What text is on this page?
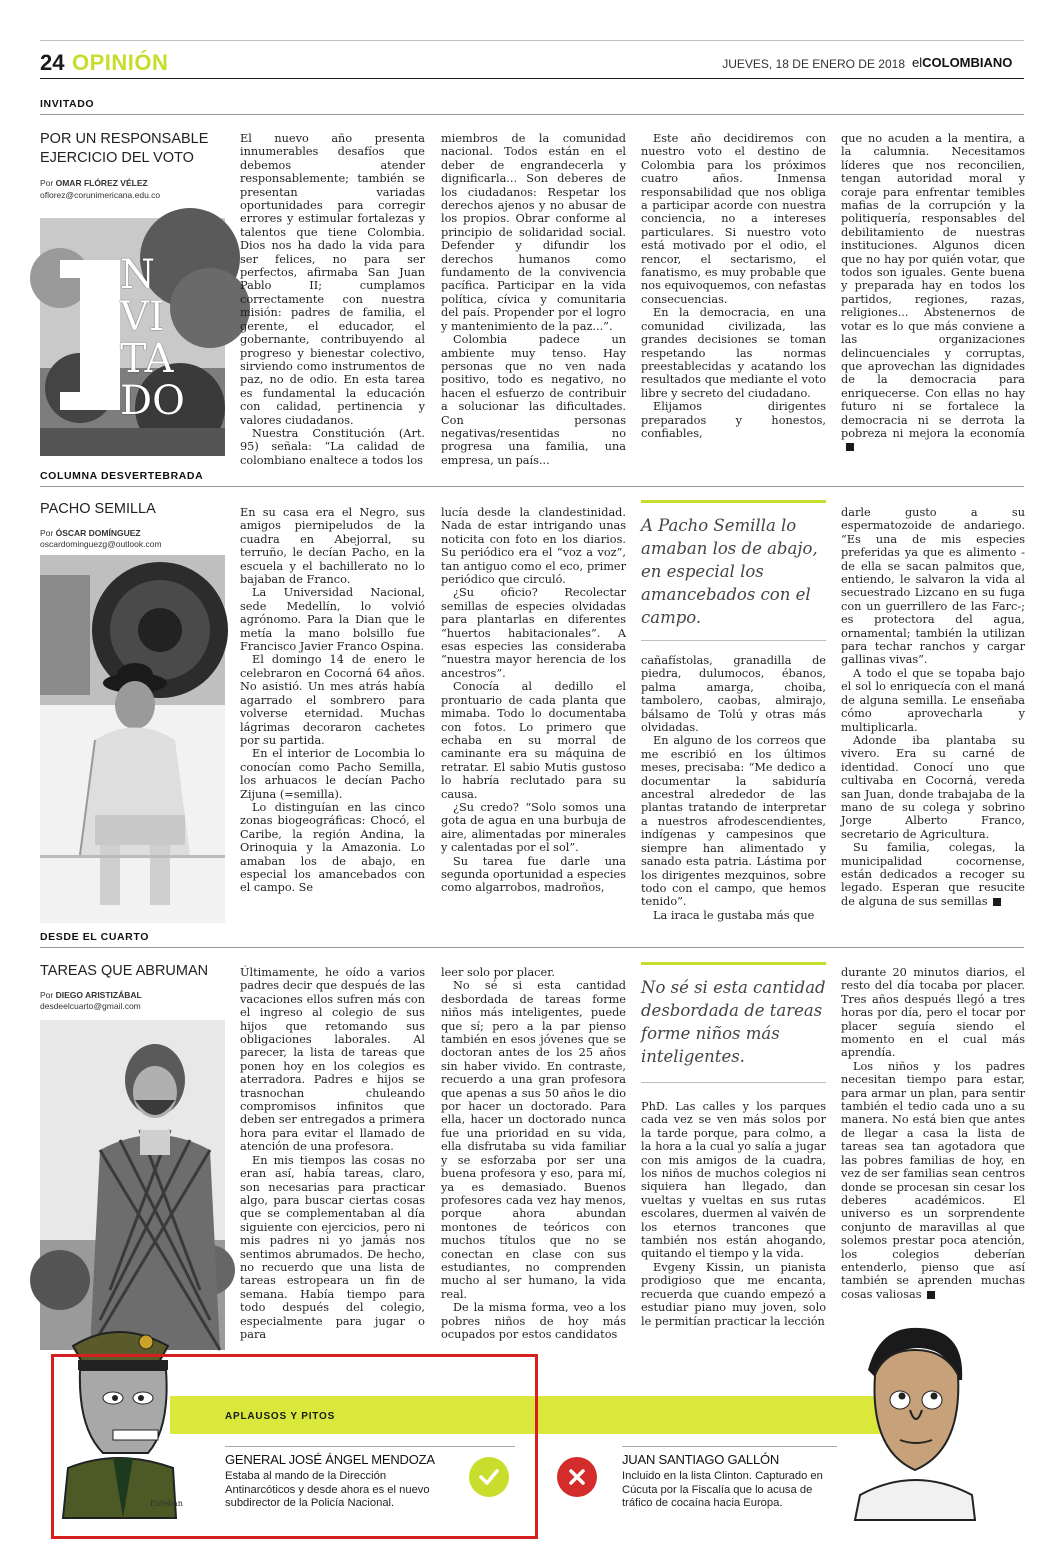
24 OPINIÓN	JUEVES, 18 DE ENERO DE 2018 elCOLOMBIANO
INVITADO
POR UN RESPONSABLE EJERCICIO DEL VOTO
Por OMAR FLÓREZ VÉLEZ
oflorez@corunimericana.edu.co
N
VI
TA
DO

El nuevo año presenta innumerables desafíos que debemos atender responsablemente; también se presentan variadas oportunidades para corregir errores y estimular fortalezas y talentos que tiene Colombia. Dios nos ha dado la vida para ser felices, no para ser perfectos, afirmaba San Juan Pablo II; cumplamos correctamente con nuestra misión: padres de familia, el gerente, el educador, el gobernante, contribuyendo al progreso y bienestar colectivo, sirviendo como instrumentos de paz, no de odio. En esta tarea es fundamental la educación con calidad, pertinencia y valores ciudadanos.

Nuestra Constitución (Art. 95) señala: “La calidad de colombiano enaltece a todos los

miembros de la comunidad nacional. Todos están en el deber de engrandecerla y dignificarla... Son deberes de los ciudadanos: Respetar los derechos ajenos y no abusar de los propios. Obrar conforme al principio de solidaridad social. Defender y difundir los derechos humanos como fundamento de la convivencia pacífica. Participar en la vida política, cívica y comunitaria del país. Propender por el logro y mantenimiento de la paz...”.

Colombia padece un ambiente muy tenso. Hay personas que no ven nada positivo, todo es negativo, no hacen el esfuerzo de contribuir a solucionar las dificultades. Con personas negativas/resentidas no progresa una familia, una empresa, un país...

Este año decidiremos con nuestro voto el destino de Colombia para los próximos cuatro años. Inmensa responsabilidad que nos obliga a participar acorde con nuestra conciencia, no a intereses particulares. Si nuestro voto está motivado por el odio, el rencor, el sectarismo, el fanatismo, es muy probable que nos equivoquemos, con nefastas consecuencias.

En la democracia, en una comunidad civilizada, las grandes decisiones se toman respetando las normas preestablecidas y acatando los resultados que mediante el voto libre y secreto del ciudadano.

Elijamos dirigentes preparados y honestos, confiables,

que no acuden a la mentira, a la calumnia. Necesitamos líderes que nos reconcilien, tengan autoridad moral y coraje para enfrentar temibles mafias de la corrupción y la politiquería, responsables del debilitamiento de nuestras instituciones. Algunos dicen que no hay por quién votar, que todos son iguales. Gente buena y preparada hay en todos los partidos, regiones, razas, religiones... Abstenernos de votar es lo que más conviene a las organizaciones delincuenciales y corruptas, que aprovechan las dignidades de la democracia para enriquecerse. Con ellas no hay futuro ni se fortalece la democracia ni se derrota la pobreza ni mejora la economía

COLUMNA DESVERTEBRADA
PACHO SEMILLA
Por ÓSCAR DOMÍNGUEZ oscardominguezg@outlook.com

En su casa era el Negro, sus amigos piernipeludos de la cuadra en Abejorral, su terruño, le decían Pacho, en la escuela y el bachillerato no lo bajaban de Franco.

La Universidad Nacional, sede Medellín, lo volvió agrónomo. Para la Dian que le metía la mano bolsillo fue Francisco Javier Franco Ospina.

El domingo 14 de enero le celebraron en Cocorná 64 años. No asistió. Un mes atrás había agarrado el sombrero para volverse eternidad. Muchas lágrimas decoraron cachetes por su partida.

En el interior de Locombia lo conocían como Pacho Semilla, los arhuacos le decían Pacho Zijuna (=semilla).

Lo distinguían en las cinco zonas biogeográficas: Chocó, el Caribe, la región Andina, la Orinoquia y la Amazonia. Lo amaban los de abajo, en especial los amancebados con el campo. Se

lucía desde la clandestinidad. Nada de estar intrigando unas noticita con foto en los diarios. Su periódico era el “voz a voz”, tan antiguo como el eco, primer periódico que circuló.

¿Su oficio? Recolectar semillas de especies olvidadas para plantarlas en diferentes “huertos habitacionales”. A esas especies las consideraba “nuestra mayor herencia de los ancestros”.

Conocía al dedillo el prontuario de cada planta que mimaba. Todo lo documentaba con fotos. Lo primero que echaba en su morral de caminante era su máquina de retratar. El sabio Mutis gustoso lo habría reclutado para su causa.

¿Su credo? “Solo somos una gota de agua en una burbuja de aire, alimentadas por minerales y calentadas por el sol”.

Su tarea fue darle una segunda oportunidad a especies como algarrobos, madroños,

A Pacho Semilla lo amaban los de abajo, en especial los amancebados con el campo.

cañafístolas, granadilla de piedra, dulumocos, ébanos, palma amarga, choiba, tambolero, caobas, almirajo, bálsamo de Tolú y otras más olvidadas.

En alguno de los correos que me escribió en los últimos meses, precisaba: “Me dedico a documentar la sabiduría ancestral alrededor de las plantas tratando de interpretar a nuestros afrodescendientes, indígenas y campesinos que siempre han alimentado y sanado esta patria. Lástima por los dirigentes mezquinos, sobre todo con el campo, que hemos tenido”.

La iraca le gustaba más que

darle gusto a su espermatozoide de andariego. “Es una de mis especies preferidas ya que es alimento - de ella se sacan palmitos que, entiendo, le salvaron la vida al secuestrado Lizcano en su fuga con un guerrillero de las Farc-; es protectora del agua, ornamental; también la utilizan para techar ranchos y cargar gallinas vivas”.

A todo el que se topaba bajo el sol lo enriquecía con el maná de alguna semilla. Le enseñaba cómo aprovecharla y multiplicarla.

Adonde iba plantaba su vivero. Era su carné de identidad. Conocí uno que cultivaba en Cocorná, vereda san Juan, donde trabajaba de la mano de su colega y sobrino Jorge Alberto Franco, secretario de Agricultura.

Su familia, colegas, la municipalidad cocornense, están dedicados a recoger su legado. Esperan que resucite de alguna de sus semillas

DESDE EL CUARTO
TAREAS QUE ABRUMAN
Por DIEGO ARISTIZÁBAL desdeelcuarto@gmail.com

Últimamente, he oído a varios padres decir que después de las vacaciones ellos sufren más con el ingreso al colegio de sus hijos que retomando sus obligaciones laborales. Al parecer, la lista de tareas que ponen hoy en los colegios es aterradora. Padres e hijos se trasnochan chuleando compromisos infinitos que deben ser entregados a primera hora para evitar el llamado de atención de una profesora.

En mis tiempos las cosas no eran así, había tareas, claro, son necesarias para practicar algo, para buscar ciertas cosas que se complementaban al día siguiente con ejercicios, pero ni mis padres ni yo jamás nos sentimos abrumados. De hecho, no recuerdo que una lista de tareas estropeara un fin de semana. Había tiempo para todo después del colegio, especialmente para jugar o para

leer solo por placer.

No sé si esta cantidad desbordada de tareas forme niños más inteligentes, puede que sí; pero a la par pienso también en esos jóvenes que se doctoran antes de los 25 años sin haber vivido. En contraste, recuerdo a una gran profesora que apenas a sus 50 años le dio por hacer un doctorado. Para ella, hacer un doctorado nunca fue una prioridad en su vida, ella disfrutaba su vida familiar y se esforzaba por ser una buena profesora y eso, para mí, ya es demasiado. Buenos profesores cada vez hay menos, porque ahora abundan montones de teóricos con muchos títulos que no se conectan en clase con sus estudiantes, no comprenden mucho al ser humano, la vida real.

De la misma forma, veo a los pobres niños de hoy más ocupados por estos candidatos

No sé si esta cantidad desbordada de tareas forme niños más inteligentes.

PhD. Las calles y los parques cada vez se ven más solos por la tarde porque, para colmo, a la hora a la cual yo salía a jugar con mis amigos de la cuadra, los niños de muchos colegios ni siquiera han llegado, dan vueltas y vueltas en sus rutas escolares, duermen al vaivén de los eternos trancones que también nos están ahogando, quitando el tiempo y la vida.

Evgeny Kissin, un pianista prodigioso que me encanta, recuerda que cuando empezó a estudiar piano muy joven, solo le permitían practicar la lección

durante 20 minutos diarios, el resto del día tocaba por placer. Tres años después llegó a tres horas por día, pero el tocar por placer seguía siendo el momento en el cual más aprendía.

Los niños y los padres necesitan tiempo para estar, para armar un plan, para sentir también el tedio cada uno a su manera. No está bien que antes de llegar a casa la lista de tareas sea tan agotadora que las pobres familias de hoy, en vez de ser familias sean centros donde se procesan sin cesar los deberes académicos. El universo es un sorprendente conjunto de maravillas al que solemos prestar poca atención, los colegios deberían entenderlo, pienso que así también se aprenden muchas cosas valiosas

Esteban
APLAUSOS Y PITOS
GENERAL JOSÉ ÁNGEL MENDOZA
Estaba al mando de la Dirección Antinarcóticos y desde ahora es el nuevo subdirector de la Policía Nacional.
JUAN SANTIAGO GALLÓN
Incluido en la lista Clinton. Capturado en Cúcuta por la Fiscalía que lo acusa de tráfico de cocaína hacia Europa.
